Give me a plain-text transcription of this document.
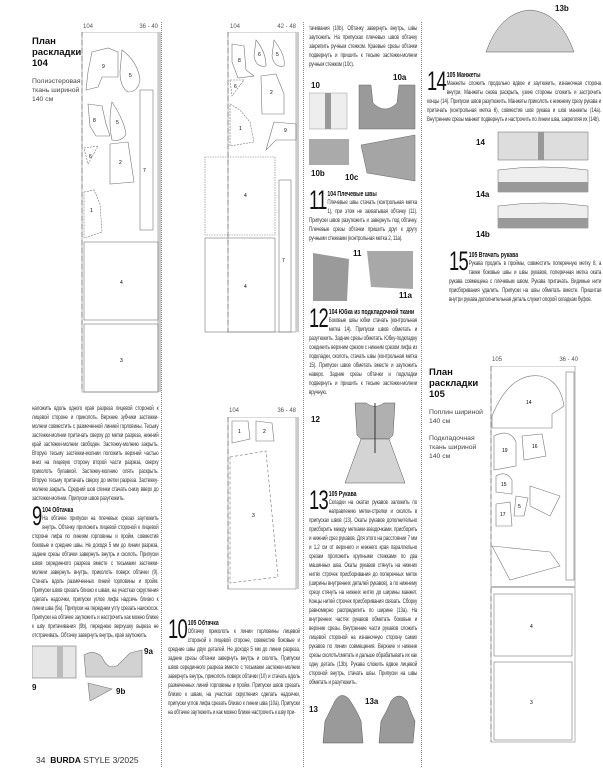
План раскладки 104
Полиэстеровая ткань шириной 140 см
104	36 - 40
9
5
8	5
6
2
7
1
4
3
наложить вдоль одного края разреза лицевой стороной к лицевой стороне и приколоть. Верхние зубчики застежки-молнии совместить с размеченной линией горловины. Тесьму застежки-молнии притачать сверху до метки разреза, нижний край застежки-молнии свободен. Застежку-молнию закрыть. Вторую тесьму застежки-молнии положить верхней частью вниз на лицевую сторону второй части разреза, сверху приколоть булавкой. Застежку-молнию опять раскрыть. Вторую тесьму притачать сверху до метки разреза. Застежку-молнию закрыть. Средний шов спинки стачать снизу вверх до застежки-молнии. Припуски швов разутюжить.
9 104 Обтачка
На обтачке припуски на плечевых срезах заутюжить внутрь. Обтачку приложить лицевой стороной к лицевой стороне лифа по линиям горловины и пройм, совместив боковые и средние швы. Не доходя 5 мм до линии разреза, задние срезы обтачки завернуть внутрь и сколоть. Припуски швов серединного разреза вместе с тесьмами застежки-молнии завернуть внутрь, приколоть поверх обтачки (9). Стачать вдоль размеченных линий горловины и пройм. Припуски швов срезать близко к швам, на участках скругления сделать надсечки, припуски углов лифа надсечь близко к линии шва (9a). Припуски на переднем углу срезать наискосок. Припуски на обтачке заутюжить и настрочить как можно ближе к шву притачивания (9b), переднюю верхушку выреза не отстрачивать. Обтачку завернуть внутрь, края заутюжить.
9
9a
9b
34 BURDA STYLE 3/2025
104	42 - 48
8
6	5
6
2
1	9
4
4
7
104	36 - 48
1	2
3
10 105 Обтачка
Обтачку приколоть к линии горловины лицевой стороной к лицевой стороне, совместив боковые и средние швы двух деталей. Не доходя 5 мм до линии разреза, задние срезы обтачки завернуть внутрь и сколоть. Припуски швов серединного разреза вместе с тесьмами застежки-молнии завернуть внутрь, приколоть поверх обтачки (10) и стачать вдоль размеченных линий горловины и пройм. Припуски швов срезать близко к швам, на участках скругления сделать надсечки, припуски углов лифа срезать близко к линии шва (10a). Припуски на обтачке заутюжить и как можно ближе настрочить к шву при-
тачивания (10b). Обтачку завернуть внутрь, швы заутюжить. На припусках плечевых швов обтачку закрепить ручным стежком. Краевые срезы обтачки подвернуть и пришить к тесьме застежки-молнии ручным стежком (10c).
10
10a
10b	10c
11 104 Плечевые швы
Плечевые швы стачать (контрольная метка 1), при этом не захватывая обтачку (11). Припуски швов разутюжить и завернуть под обтачку. Плечевые срезы обтачки пришить друг к другу ручными стежками (контрольная метка 2, 11a).
11
11a
12 104 Юбка из подкладочной ткани
Боковые швы юбки стачать (контрольная метка 14). Припуски швов обметать и разутюжить. Задние срезы обметать. Юбку-подкладку соединить верхним срезом с нижним срезом лифа из подкладки, сколоть, стачать швы (контрольная метка 15). Припуски швов обметать вместе и заутюжить наверх. Задние срезы обтачки и подкладки подвернуть и пришить к тесьме застежки-молнии вручную.
12
13 105 Рукава
Складки на окатах рукавов заложить по направлению метки-стрелки и сколоть в припусках швов (13). Окаты рукавов дополнительно присборить между метками-звездочками, присборить и нижний срез рукавов. Для этого на расстоянии 7 мм и 1,2 см от верхнего и нижнего края параллельно срезам проложить крупными стежками по два машинных шва. Окаты рукавов стянуть на нижних нитях строчек присборивания до поперечных меток (ширины внутренних деталей рукавов), а по нижнему срезу стянуть на нижних нитях до ширины манжет. Концы нитей строчек присборивания связать. Сборку равномерно распределить по ширине (13a). На внутренних частях рукавов обметать боковые и верхние срезы. Внутренние части рукавов сложить лицевой стороной на изнаночную сторону самих рукавов по линии совмещения. Верхние и нижние срезы сколоть/сметать и дальше обрабатывать их как одну деталь (13b). Рукава сложить вдвое лицевой стороной внутрь, стачать швы. Припуски на швы обметать и разутюжить.
13
13a
13b
14 105 Манжеты
Манжеты сложить продольно вдвое и заутюжить, изнаночная сторона внутри. Манжеты снова раскрыть, узкие стороны сложить и застрочить концы (14). Припуски швов разутюжить. Манжеты приколоть к нижнему срезу рукава и притачать (контрольная метка 6), совместив шов рукава и шов манжеты (14a). Внутренние срезы манжет подвернуть и настрочить по линии шва, закрепляя их (14b).
14
14a
14b
15 105 Втачать рукава
Рукава продеть в проймы, совместить поперечную метку 8, а также боковые швы и швы рукавов, поперечная метка оката рукава совмещена с плечевым швом. Рукава притачать. Видимые нити присборивания удалить. Припуски на швы обметать вместе. Пришитая внутри рукава дополнительная деталь служит опорой складкам буфов.
План раскладки 105
Поплин шириной 140 см
Подкладочная ткань шириной 140 см
105	36 - 40
14
19
16
15
17
5
4
3
